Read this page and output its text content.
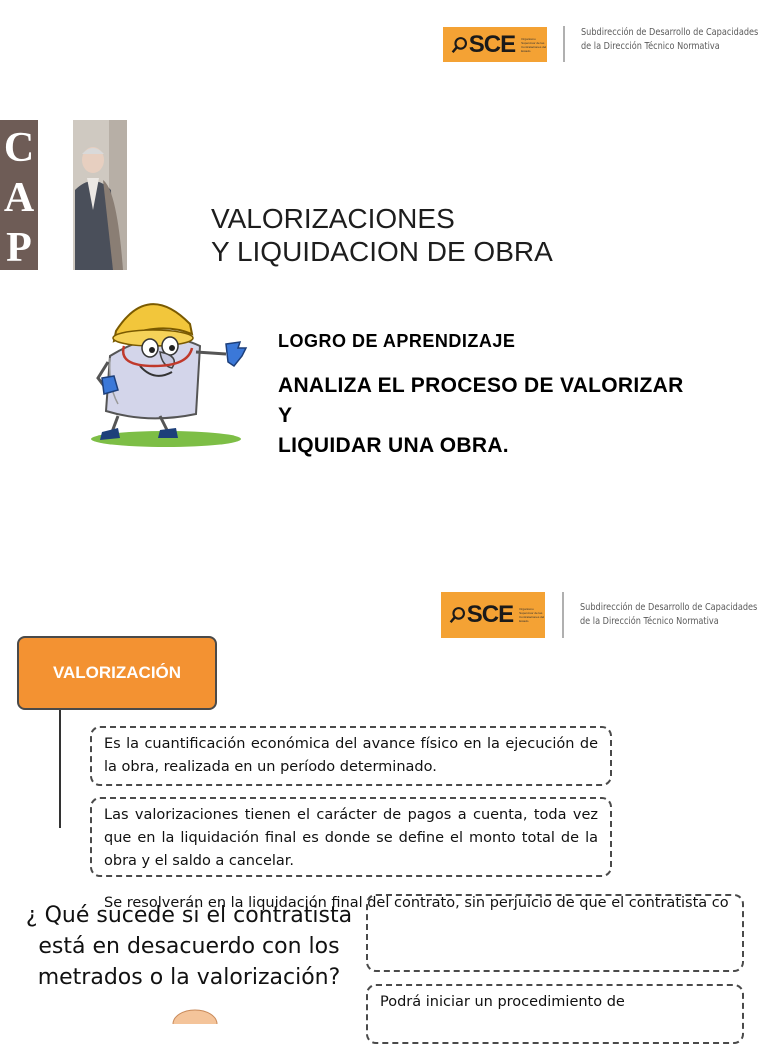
SCE Organismo Supervisor de las Contrataciones del Estado
Subdirección de Desarrollo de Capacidades
de la Dirección Técnico Normativa
C
A
P
VALORIZACIONES
Y LIQUIDACION DE OBRA
LOGRO DE APRENDIZAJE
ANALIZA EL PROCESO DE VALORIZAR
Y
LIQUIDAR UNA OBRA.
SCE Organismo Supervisor de las Contrataciones del Estado
Subdirección de Desarrollo de Capacidades
de la Dirección Técnico Normativa
VALORIZACIÓN
Es la cuantificación económica del avance físico en la ejecución de la obra, realizada en un período determinado.
Las valorizaciones tienen el carácter de pagos a cuenta, toda vez que en la liquidación final es donde se define el monto total de la obra y el saldo a cancelar.
¿ Qué sucede si el contratista
está en desacuerdo con los
metrados o la valorización?
Se resolverán en la liquidación final del contrato, sin perjuicio de que el contratista co
Podrá iniciar un procedimiento de
